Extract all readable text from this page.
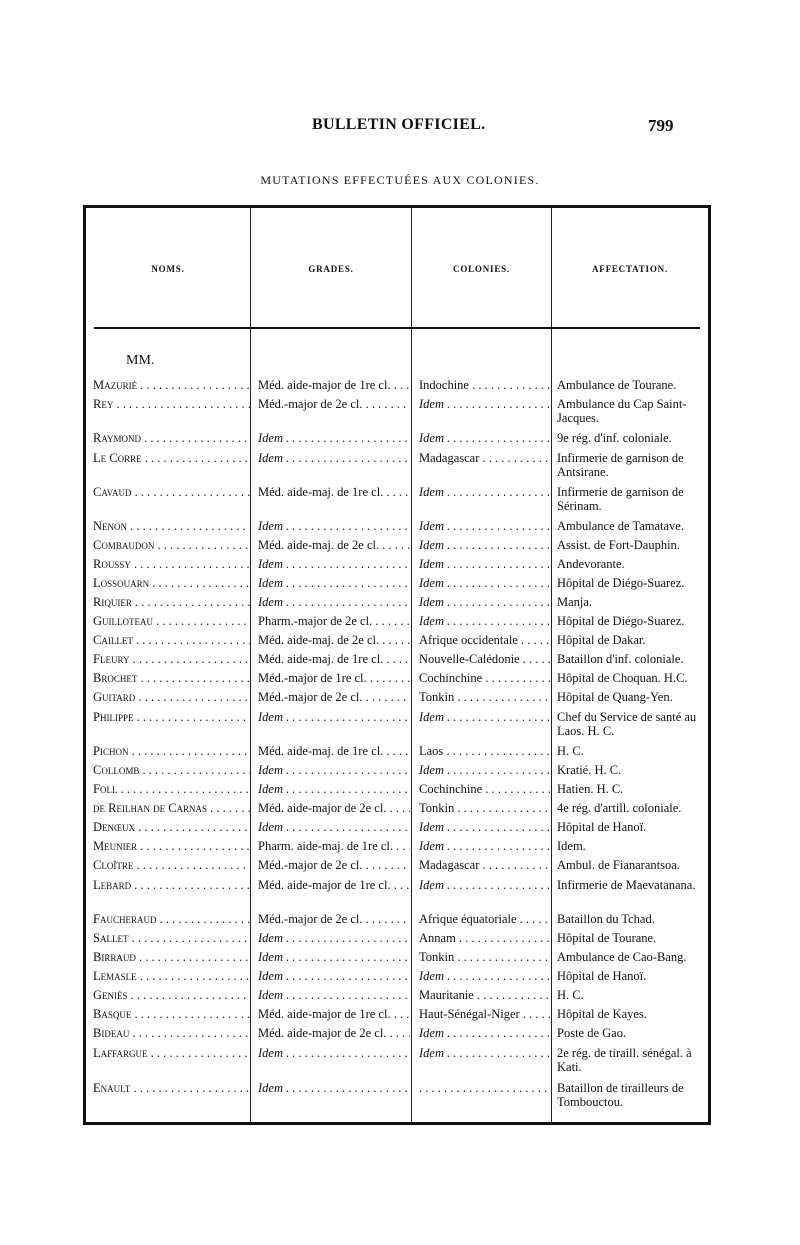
BULLETIN OFFICIEL.	799
MUTATIONS EFFECTUÉES AUX COLONIES.
NOMS.	GRADES.	COLONIES.	AFFECTATION.
MM.
Mazurié . . .	Méd. aide-major de 1re cl. . . .	Indochine . . .	Ambulance de Tourane.
Rey . . .	Méd.-major de 2e cl. . . .	Idem . . .	Ambulance du Cap Saint-Jacques.
Raymond . . .	Idem . . .	Idem . . .	9e rég. d'inf. coloniale.
Le Corre . . .	Idem . . .	Madagascar . . .	Infirmerie de garnison de Antsirane.
Cavaud . . .	Méd. aide-maj. de 1re cl. . . .	Idem . . .	Infirmerie de garnison de Sérinam.
Nenon . . .	Idem . . .	Idem . . .	Ambulance de Tamatave.
Combaudon . . .	Méd. aide-maj. de 2e cl. . . .	Idem . . .	Assist. de Fort-Dauphin.
Roussy . . .	Idem . . .	Idem . . .	Andevorante.
Lossouarn . . .	Idem . . .	Idem . . .	Hôpital de Diégo-Suarez.
Riquier . . .	Idem . . .	Idem . . .	Manja.
Guilloteau . . .	Pharm.-major de 2e cl. . . .	Idem . . .	Hôpital de Diégo-Suarez.
Caillet . . .	Méd. aide-maj. de 2e cl. . . .	Afrique occidentale . . .	Hôpital de Dakar.
Fleury . . .	Méd. aide-maj. de 1re cl. . . .	Nouvelle-Calédonie . . .	Bataillon d'inf. coloniale.
Brochet . . .	Méd.-major de 1re cl. . . .	Cochinchine . . .	Hôpital de Choquan. H.C.
Guitard . . .	Méd.-major de 2e cl. . . .	Tonkin . . .	Hôpital de Quang-Yen.
Philippe . . .	Idem . . .	Idem . . .	Chef du Service de santé au Laos. H. C.
Pichon . . .	Méd. aide-maj. de 1re cl. . . .	Laos . . .	H. C.
Collomb . . .	Idem . . .	Idem . . .	Kratié. H. C.
Foll . . .	Idem . . .	Cochinchine . . .	Hatien. H. C.
de Reilhan de Carnas . . .	Méd. aide-major de 2e cl. . . .	Tonkin . . .	4e rég. d'artill. coloniale.
Denœux . . .	Idem . . .	Idem . . .	Hôpital de Hanoï.
Meunier . . .	Pharm. aide-maj. de 1re cl. . . .	Idem . . .	Idem.
Cloître . . .	Méd.-major de 2e cl. . . .	Madagascar . . .	Ambul. de Fianarantsoa.
Lebard . . .	Méd. aide-major de 1re cl. . . .	Idem . . .	Infirmerie de Maevatanana.
Faucheraud . . .	Méd.-major de 2e cl. . . .	Afrique équatoriale . . .	Bataillon du Tchad.
Sallet . . .	Idem . . .	Annam . . .	Hôpital de Tourane.
Birraud . . .	Idem . . .	Tonkin . . .	Ambulance de Cao-Bang.
Lemasle . . .	Idem . . .	Idem . . .	Hôpital de Hanoï.
Geniès . . .	Idem . . .	Mauritanie . . .	H. C.
Basque . . .	Méd. aide-major de 1re cl. . . .	Haut-Sénégal-Niger . . .	Hôpital de Kayes.
Bideau . . .	Méd. aide-major de 2e cl. . . .	Idem . . .	Poste de Gao.
Laffargue . . .	Idem . . .	Idem . . .	2e rég. de tiraill. sénégal. à Kati.
Enault . . .	Idem . . .
. . .	Bataillon de tirailleurs de Tombouctou.
